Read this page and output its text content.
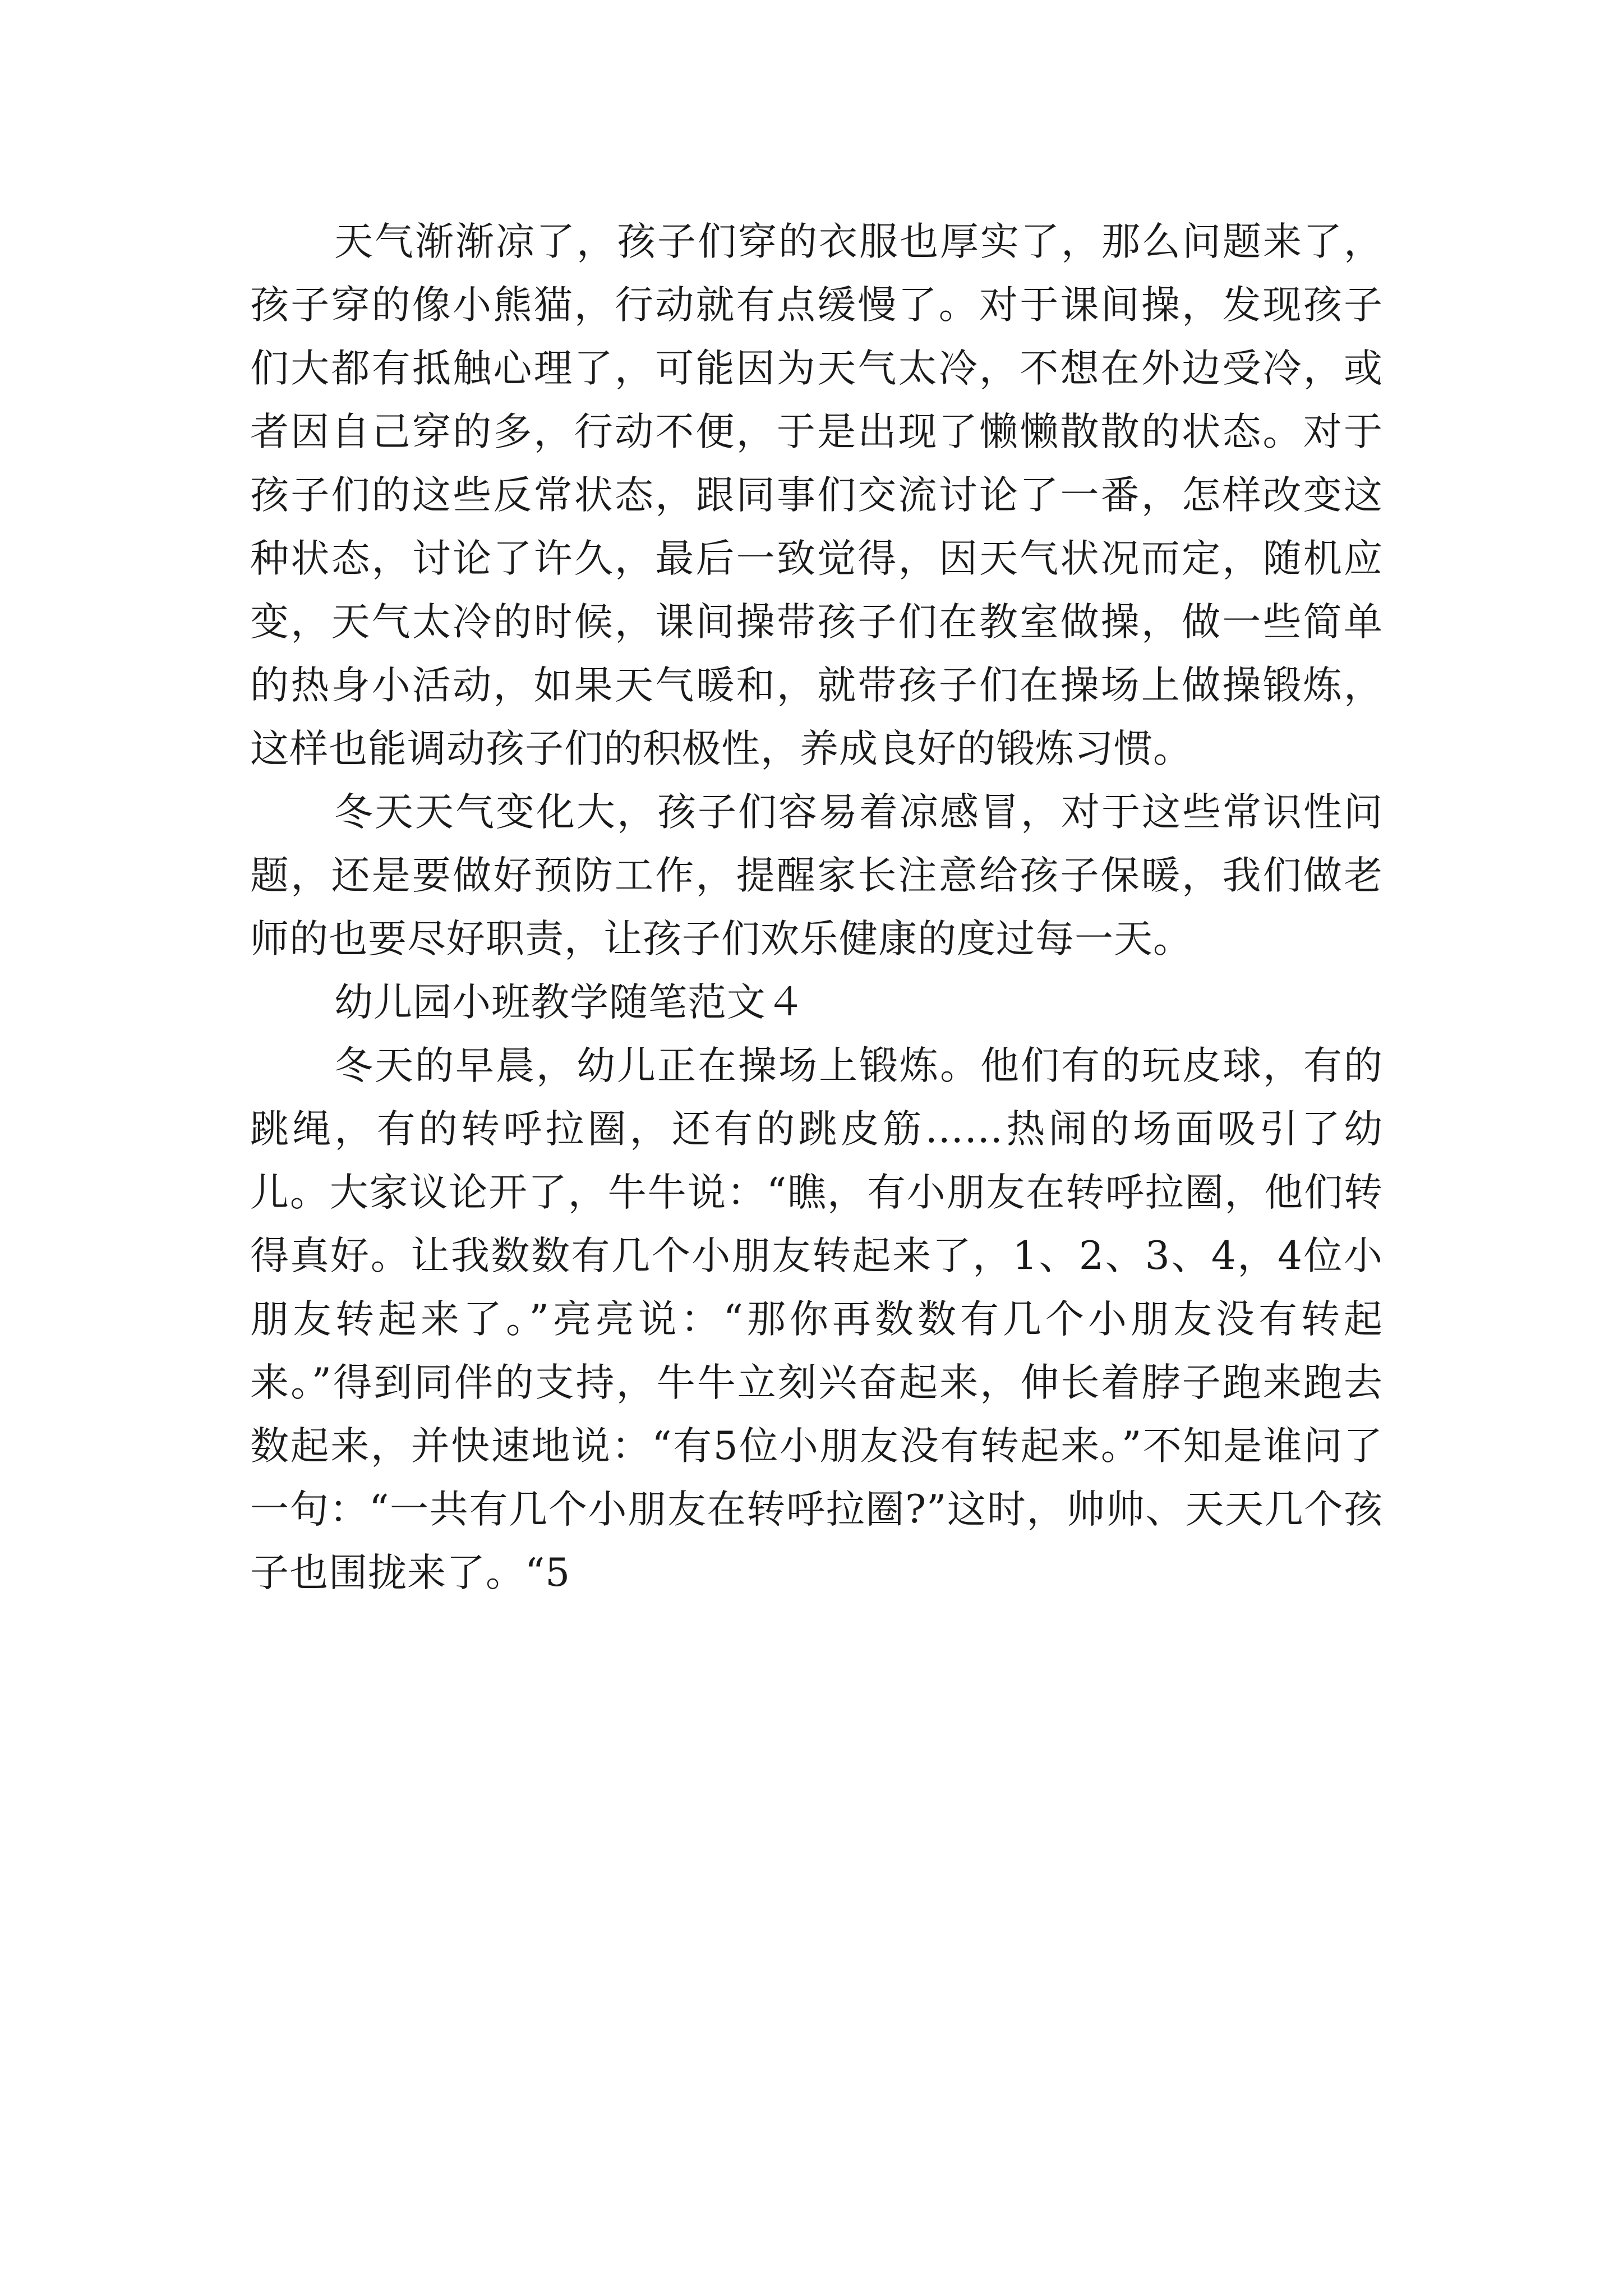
天气渐渐凉了，孩子们穿的衣服也厚实了，那么问题来了，孩子穿的像小熊猫，行动就有点缓慢了。对于课间操，发现孩子们大都有抵触心理了，可能因为天气太冷，不想在外边受冷，或者因自己穿的多，行动不便，于是出现了懒懒散散的状态。对于孩子们的这些反常状态，跟同事们交流讨论了一番，怎样改变这种状态，讨论了许久，最后一致觉得，因天气状况而定，随机应变，天气太冷的时候，课间操带孩子们在教室做操，做一些简单的热身小活动，如果天气暖和，就带孩子们在操场上做操锻炼，这样也能调动孩子们的积极性，养成良好的锻炼习惯。

冬天天气变化大，孩子们容易着凉感冒，对于这些常识性问题，还是要做好预防工作，提醒家长注意给孩子保暖，我们做老师的也要尽好职责，让孩子们欢乐健康的度过每一天。

幼儿园小班教学随笔范文４

冬天的早晨，幼儿正在操场上锻炼。他们有的玩皮球，有的跳绳，有的转呼拉圈，还有的跳皮筋……热闹的场面吸引了幼儿。大家议论开了，牛牛说：“瞧，有小朋友在转呼拉圈，他们转得真好。让我数数有几个小朋友转起来了，1、2、3、4，4位小朋友转起来了。”亮亮说：“那你再数数有几个小朋友没有转起来。”得到同伴的支持，牛牛立刻兴奋起来，伸长着脖子跑来跑去数起来，并快速地说：“有5位小朋友没有转起来。”不知是谁问了一句：“一共有几个小朋友在转呼拉圈?”这时，帅帅、天天几个孩子也围拢来了。“5
